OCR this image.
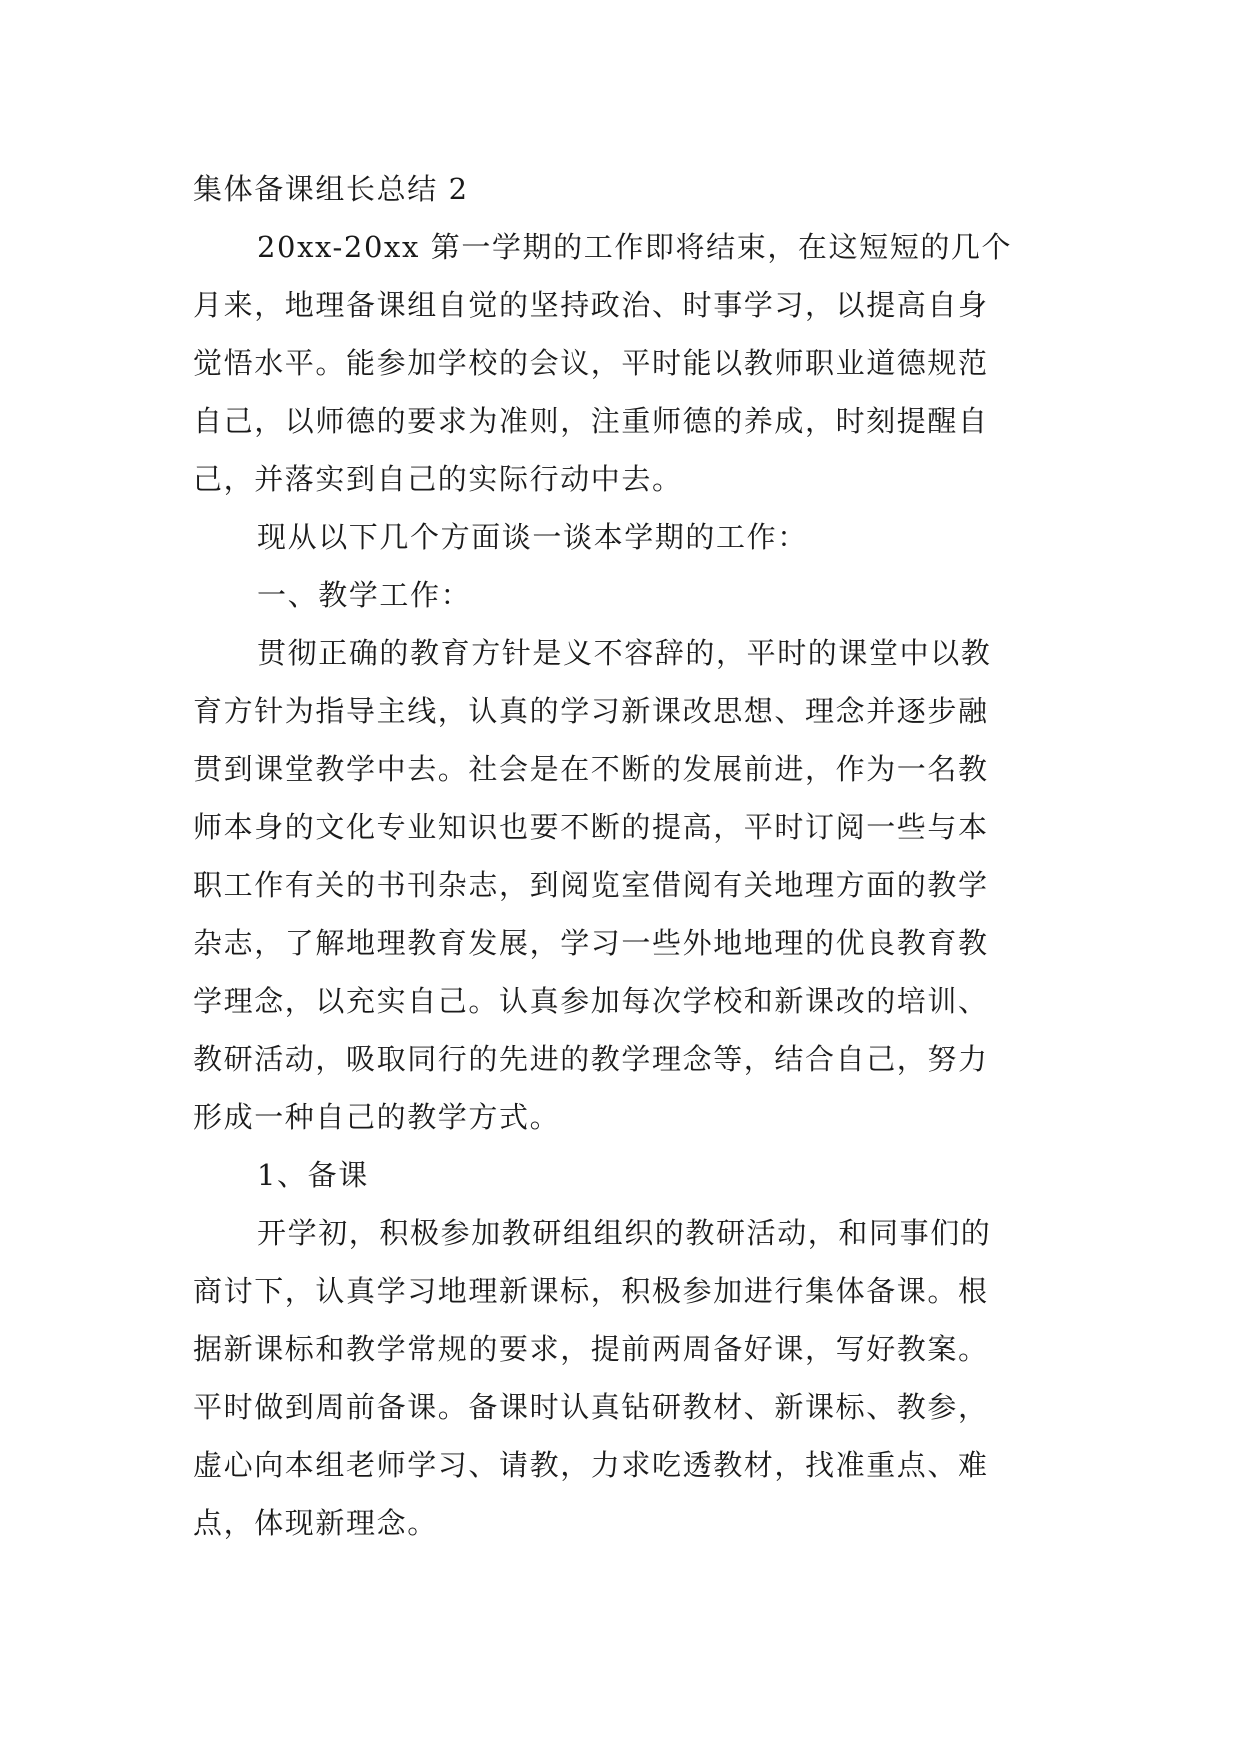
集体备课组长总结 2
20xx-20xx 第一学期的工作即将结束，在这短短的几个
月来，地理备课组自觉的坚持政治、时事学习，以提高自身
觉悟水平。能参加学校的会议，平时能以教师职业道德规范
自己，以师德的要求为准则，注重师德的养成，时刻提醒自
己，并落实到自己的实际行动中去。
现从以下几个方面谈一谈本学期的工作：
一、教学工作：
贯彻正确的教育方针是义不容辞的，平时的课堂中以教
育方针为指导主线，认真的学习新课改思想、理念并逐步融
贯到课堂教学中去。社会是在不断的发展前进，作为一名教
师本身的文化专业知识也要不断的提高，平时订阅一些与本
职工作有关的书刊杂志，到阅览室借阅有关地理方面的教学
杂志，了解地理教育发展，学习一些外地地理的优良教育教
学理念，以充实自己。认真参加每次学校和新课改的培训、
教研活动，吸取同行的先进的教学理念等，结合自己，努力
形成一种自己的教学方式。
1、备课
开学初，积极参加教研组组织的教研活动，和同事们的
商讨下，认真学习地理新课标，积极参加进行集体备课。根
据新课标和教学常规的要求，提前两周备好课，写好教案。
平时做到周前备课。备课时认真钻研教材、新课标、教参，
虚心向本组老师学习、请教，力求吃透教材，找准重点、难
点，体现新理念。
